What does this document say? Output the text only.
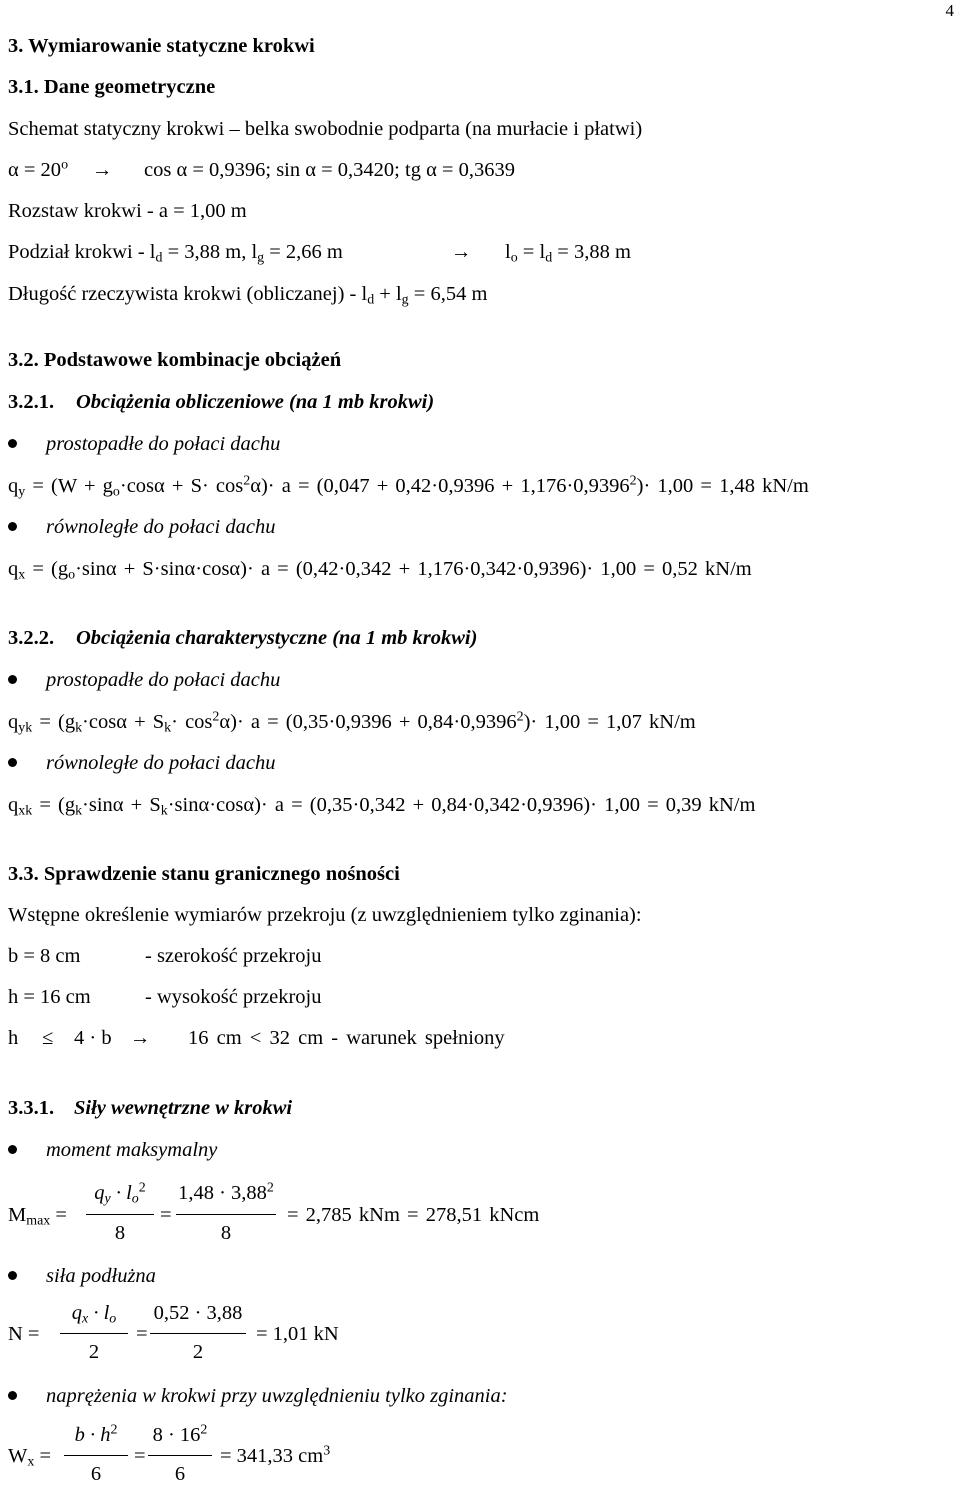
4
3. Wymiarowanie statyczne krokwi
3.1. Dane geometryczne
Schemat statyczny krokwi – belka swobodnie podparta (na murłacie i płatwi)
$\alpha = 20^o \to \cos \alpha = 0,9396$; sin α = 0,3420; tg α = 0,3639
Rozstaw krokwi - a = 1,00 m
Podział krokwi - $l_d = 3,88$ m, $l_g = 2,66$ m	→ $l_o = l_d = 3,88$ m
Długość rzeczywista krokwi (obliczanej) - $l_d + l_g = 6,54$ m
3.2. Podstawowe kombinacje obciążeń
3.2.1. Obciążenia obliczeniowe (na 1 mb krokwi)
prostopadłe do połaci dachu
$q_y = (W + g_o\cdot\cos\alpha + S\cdot \cos^2\alpha)\cdot a = (0,047 + 0,42\cdot 0,9396 + 1,176\cdot 0,9396^2)\cdot 1,00 = 1,48$ kN/m
równoległe do połaci dachu
$q_x = (g_o\cdot\sin\alpha + S\cdot\sin\alpha\cdot\cos\alpha)\cdot a = (0,42\cdot 0,342 + 1,176\cdot 0,342\cdot 0,9396)\cdot 1,00 = 0,52$ kN/m
3.2.2. Obciążenia charakterystyczne (na 1 mb krokwi)
prostopadłe do połaci dachu
$q_{yk} = (g_k\cdot\cos\alpha + S_k\cdot \cos^2\alpha)\cdot a = (0,35\cdot 0,9396 + 0,84\cdot 0,9396^2)\cdot 1,00 = 1,07$ kN/m
równoległe do połaci dachu
$q_{xk} = (g_k\cdot\sin\alpha + S_k\cdot\sin\alpha\cdot\cos\alpha)\cdot a = (0,35\cdot 0,342 + 0,84\cdot 0,342\cdot 0,9396)\cdot 1,00 = 0,39$ kN/m
3.3. Sprawdzenie stanu granicznego nośności
Wstępne określenie wymiarów przekroju (z uwzględnieniem tylko zginania):
b = 8 cm	- szerokość przekroju
h = 16 cm	- wysokość przekroju
h ≤ 4 · b → 16 cm < 32 cm - warunek spełniony
3.3.1. Siły wewnętrzne w krokwi
moment maksymalny
$M_{max}$ =
$q_y \cdot l_o^2$
8
=
$1,48 \cdot 3,88^2$
8
= 2,785 kNm = 278,51 kNcm
siła podłużna
N =
$q_x \cdot l_o$
2
=
0,52 · 3,88
2
= 1,01 kN
naprężenia w krokwi przy uwzględnieniu tylko zginania:
$W_x$ =
$b \cdot h^2$
6
=
$8 \cdot 16^2$
6
= 341,33 $cm^3$
